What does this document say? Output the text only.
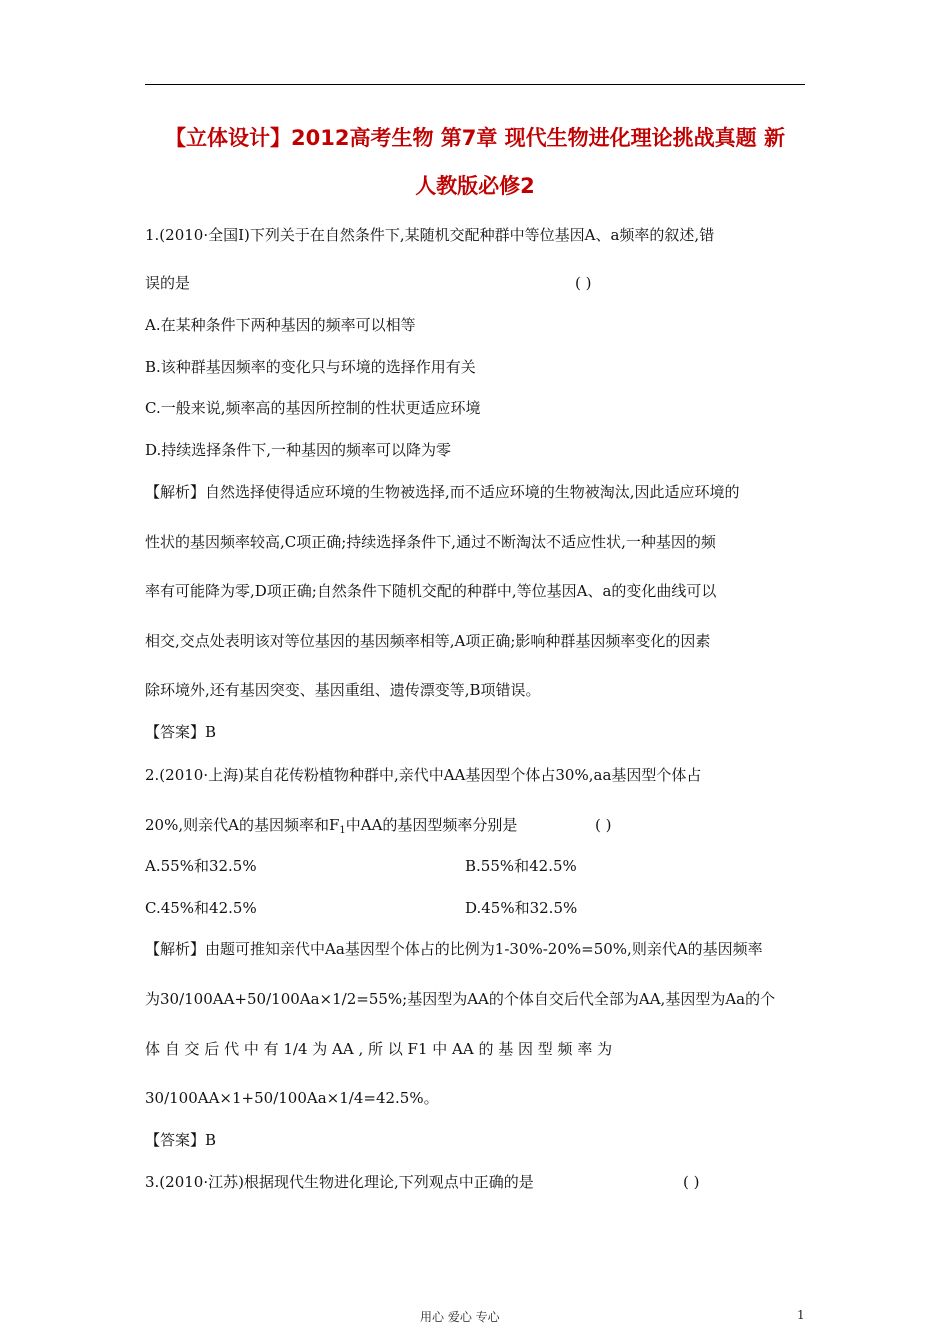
【立体设计】2012高考生物 第7章 现代生物进化理论挑战真题 新
人教版必修2
1.(2010·全国Ⅰ)下列关于在自然条件下,某随机交配种群中等位基因A、a频率的叙述,错
误的是	( )
A.在某种条件下两种基因的频率可以相等
B.该种群基因频率的变化只与环境的选择作用有关
C.一般来说,频率高的基因所控制的性状更适应环境
D.持续选择条件下,一种基因的频率可以降为零
【解析】自然选择使得适应环境的生物被选择,而不适应环境的生物被淘汰,因此适应环境的
性状的基因频率较高,C项正确;持续选择条件下,通过不断淘汰不适应性状,一种基因的频
率有可能降为零,D项正确;自然条件下随机交配的种群中,等位基因A、a的变化曲线可以
相交,交点处表明该对等位基因的基因频率相等,A项正确;影响种群基因频率变化的因素
除环境外,还有基因突变、基因重组、遗传漂变等,B项错误。
【答案】B
2.(2010·上海)某自花传粉植物种群中,亲代中AA基因型个体占30%,aa基因型个体占
20%,则亲代A的基因频率和$F_1$中AA的基因型频率分别是	( )
A.55%和32.5%	B.55%和42.5%
C.45%和42.5%	D.45%和32.5%
【解析】由题可推知亲代中Aa基因型个体占的比例为1-30%-20%=50%,则亲代A的基因频率
为30/100AA+50/100Aa×1/2=55%;基因型为AA的个体自交后代全部为AA,基因型为Aa的个
体 自 交 后 代 中 有 1/4 为 AA , 所 以 F1 中 AA 的 基 因 型 频 率 为
30/100AA×1+50/100Aa×1/4=42.5%。
【答案】B
3.(2010·江苏)根据现代生物进化理论,下列观点中正确的是	( )
用心 爱心 专心	1
